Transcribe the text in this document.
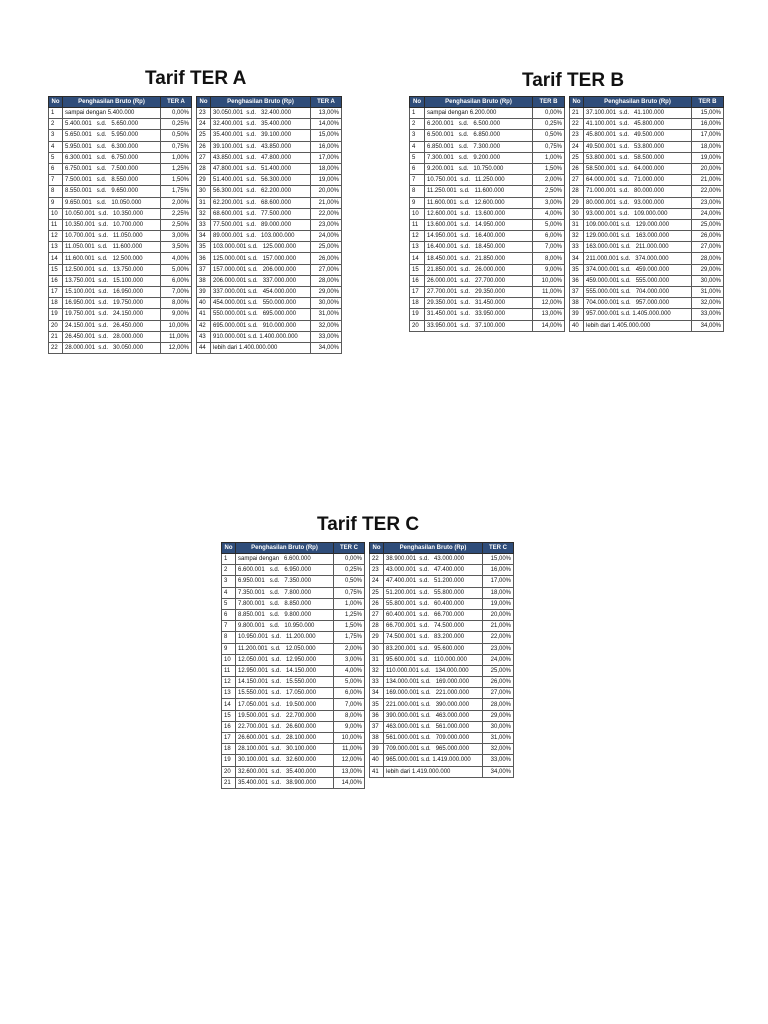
Tarif TER A
No	Penghasilan Bruto (Rp)	TER A
1	sampai dengan 5.400.000	0,00%
2	5.400.001   s.d.   5.650.000	0,25%
3	5.650.001   s.d.   5.950.000	0,50%
4	5.950.001   s.d.   6.300.000	0,75%
5	6.300.001   s.d.   6.750.000	1,00%
6	6.750.001   s.d.   7.500.000	1,25%
7	7.500.001   s.d.   8.550.000	1,50%
8	8.550.001   s.d.   9.650.000	1,75%
9	9.650.001   s.d.   10.050.000	2,00%
10	10.050.001  s.d.   10.350.000	2,25%
11	10.350.001  s.d.   10.700.000	2,50%
12	10.700.001  s.d.   11.050.000	3,00%
13	11.050.001  s.d.   11.600.000	3,50%
14	11.600.001  s.d.   12.500.000	4,00%
15	12.500.001  s.d.   13.750.000	5,00%
16	13.750.001  s.d.   15.100.000	6,00%
17	15.100.001  s.d.   16.950.000	7,00%
18	16.950.001  s.d.   19.750.000	8,00%
19	19.750.001  s.d.   24.150.000	9,00%
20	24.150.001  s.d.   26.450.000	10,00%
21	26.450.001  s.d.   28.000.000	11,00%
22	28.000.001  s.d.   30.050.000	12,00%
No	Penghasilan Bruto (Rp)	TER A
23	30.050.001  s.d.   32.400.000	13,00%
24	32.400.001  s.d.   35.400.000	14,00%
25	35.400.001  s.d.   39.100.000	15,00%
26	39.100.001  s.d.   43.850.000	16,00%
27	43.850.001  s.d.   47.800.000	17,00%
28	47.800.001  s.d.   51.400.000	18,00%
29	51.400.001  s.d.   56.300.000	19,00%
30	56.300.001  s.d.   62.200.000	20,00%
31	62.200.001  s.d.   68.600.000	21,00%
32	68.600.001  s.d.   77.500.000	22,00%
33	77.500.001  s.d.   89.000.000	23,00%
34	89.000.001  s.d.   103.000.000	24,00%
35	103.000.001 s.d.   125.000.000	25,00%
36	125.000.001 s.d.   157.000.000	26,00%
37	157.000.001 s.d.   206.000.000	27,00%
38	206.000.001 s.d.   337.000.000	28,00%
39	337.000.001 s.d.   454.000.000	29,00%
40	454.000.001 s.d.   550.000.000	30,00%
41	550.000.001 s.d.   695.000.000	31,00%
42	695.000.001 s.d.   910.000.000	32,00%
43	910.000.001 s.d. 1.400.000.000	33,00%
44	lebih dari 1.400.000.000	34,00%
Tarif TER B
No	Penghasilan Bruto (Rp)	TER B
1	sampai dengan 6.200.000	0,00%
2	6.200.001   s.d.   6.500.000	0,25%
3	6.500.001   s.d.   6.850.000	0,50%
4	6.850.001   s.d.   7.300.000	0,75%
5	7.300.001   s.d.   9.200.000	1,00%
6	9.200.001   s.d.   10.750.000	1,50%
7	10.750.001  s.d.   11.250.000	2,00%
8	11.250.001  s.d.   11.600.000	2,50%
9	11.600.001  s.d.   12.600.000	3,00%
10	12.600.001  s.d.   13.600.000	4,00%
11	13.600.001  s.d.   14.950.000	5,00%
12	14.950.001  s.d.   16.400.000	6,00%
13	16.400.001  s.d.   18.450.000	7,00%
14	18.450.001  s.d.   21.850.000	8,00%
15	21.850.001  s.d.   26.000.000	9,00%
16	26.000.001  s.d.   27.700.000	10,00%
17	27.700.001  s.d.   29.350.000	11,00%
18	29.350.001  s.d.   31.450.000	12,00%
19	31.450.001  s.d.   33.950.000	13,00%
20	33.950.001  s.d.   37.100.000	14,00%
No	Penghasilan Bruto (Rp)	TER B
21	37.100.001  s.d.   41.100.000	15,00%
22	41.100.001  s.d.   45.800.000	16,00%
23	45.800.001  s.d.   49.500.000	17,00%
24	49.500.001  s.d.   53.800.000	18,00%
25	53.800.001  s.d.   58.500.000	19,00%
26	58.500.001  s.d.   64.000.000	20,00%
27	64.000.001  s.d.   71.000.000	21,00%
28	71.000.001  s.d.   80.000.000	22,00%
29	80.000.001  s.d.   93.000.000	23,00%
30	93.000.001  s.d.   109.000.000	24,00%
31	109.000.001 s.d.   129.000.000	25,00%
32	129.000.001 s.d.   163.000.000	26,00%
33	163.000.001 s.d.   211.000.000	27,00%
34	211.000.001 s.d.   374.000.000	28,00%
35	374.000.001 s.d.   459.000.000	29,00%
36	459.000.001 s.d.   555.000.000	30,00%
37	555.000.001 s.d.   704.000.000	31,00%
38	704.000.001 s.d.   957.000.000	32,00%
39	957.000.001 s.d. 1.405.000.000	33,00%
40	lebih dari 1.405.000.000	34,00%
Tarif TER C
No	Penghasilan Bruto (Rp)	TER C
1	sampai dengan   6.600.000	0,00%
2	6.600.001   s.d.   6.950.000	0,25%
3	6.950.001   s.d.   7.350.000	0,50%
4	7.350.001   s.d.   7.800.000	0,75%
5	7.800.001   s.d.   8.850.000	1,00%
6	8.850.001   s.d.   9.800.000	1,25%
7	9.800.001   s.d.   10.950.000	1,50%
8	10.950.001  s.d.   11.200.000	1,75%
9	11.200.001  s.d.   12.050.000	2,00%
10	12.050.001  s.d.   12.950.000	3,00%
11	12.950.001  s.d.   14.150.000	4,00%
12	14.150.001  s.d.   15.550.000	5,00%
13	15.550.001  s.d.   17.050.000	6,00%
14	17.050.001  s.d.   19.500.000	7,00%
15	19.500.001  s.d.   22.700.000	8,00%
16	22.700.001  s.d.   26.600.000	9,00%
17	26.600.001  s.d.   28.100.000	10,00%
18	28.100.001  s.d.   30.100.000	11,00%
19	30.100.001  s.d.   32.600.000	12,00%
20	32.600.001  s.d.   35.400.000	13,00%
21	35.400.001  s.d.   38.900.000	14,00%
No	Penghasilan Bruto (Rp)	TER C
22	38.900.001  s.d.   43.000.000	15,00%
23	43.000.001  s.d.   47.400.000	16,00%
24	47.400.001  s.d.   51.200.000	17,00%
25	51.200.001  s.d.   55.800.000	18,00%
26	55.800.001  s.d.   60.400.000	19,00%
27	60.400.001  s.d.   66.700.000	20,00%
28	66.700.001  s.d.   74.500.000	21,00%
29	74.500.001  s.d.   83.200.000	22,00%
30	83.200.001  s.d.   95.600.000	23,00%
31	95.600.001  s.d.   110.000.000	24,00%
32	110.000.001 s.d.   134.000.000	25,00%
33	134.000.001 s.d.   169.000.000	26,00%
34	169.000.001 s.d.   221.000.000	27,00%
35	221.000.001 s.d.   390.000.000	28,00%
36	390.000.001 s.d.   463.000.000	29,00%
37	463.000.001 s.d.   561.000.000	30,00%
38	561.000.001 s.d.   709.000.000	31,00%
39	709.000.001 s.d.   965.000.000	32,00%
40	965.000.001 s.d. 1.419.000.000	33,00%
41	lebih dari 1.419.000.000	34,00%
